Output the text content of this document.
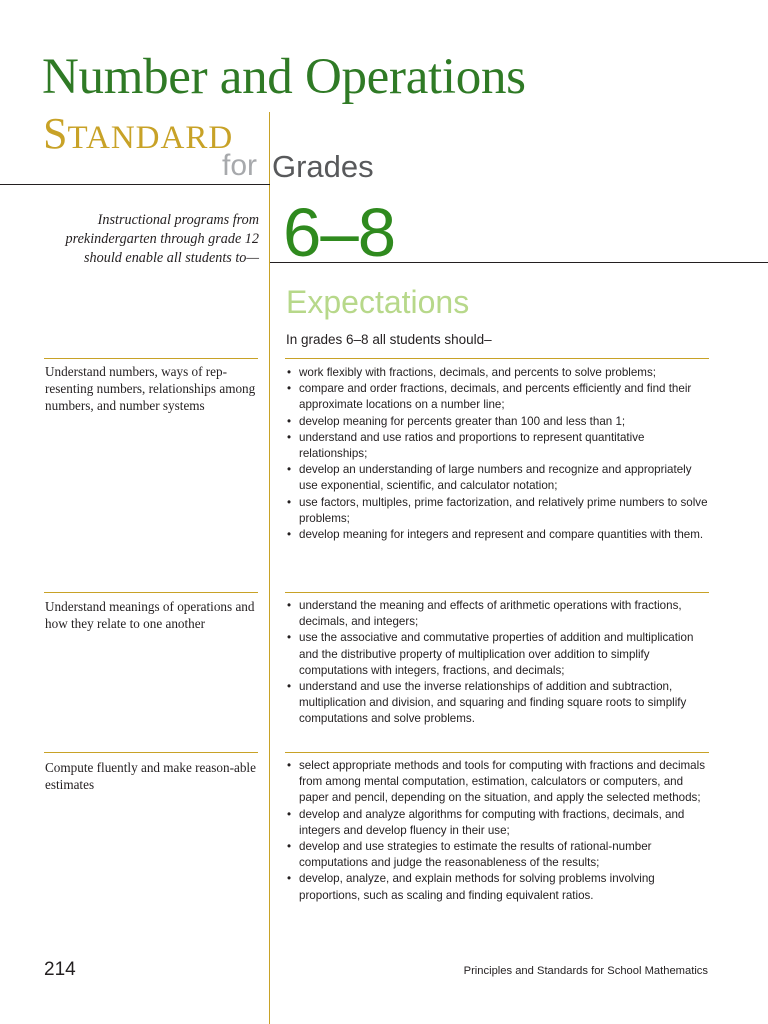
Number and Operations
STANDARD
for Grades
6–8
Instructional programs from prekindergarten through grade 12 should enable all students to—
Expectations
In grades 6–8 all students should–
Understand numbers, ways of rep-resenting numbers, relationships among numbers, and number systems
• work flexibly with fractions, decimals, and percents to solve problems;
• compare and order fractions, decimals, and percents efficiently and find their approximate locations on a number line;
• develop meaning for percents greater than 100 and less than 1;
• understand and use ratios and proportions to represent quantitative relationships;
• develop an understanding of large numbers and recognize and appropriately use exponential, scientific, and calculator notation;
• use factors, multiples, prime factorization, and relatively prime numbers to solve problems;
• develop meaning for integers and represent and compare quantities with them.
Understand meanings of operations and how they relate to one another
• understand the meaning and effects of arithmetic operations with fractions, decimals, and integers;
• use the associative and commutative properties of addition and multiplication and the distributive property of multiplication over addition to simplify computations with integers, fractions, and decimals;
• understand and use the inverse relationships of addition and subtraction, multiplication and division, and squaring and finding square roots to simplify computations and solve problems.
Compute fluently and make reason-able estimates
• select appropriate methods and tools for computing with fractions and decimals from among mental computation, estimation, calculators or computers, and paper and pencil, depending on the situation, and apply the selected methods;
• develop and analyze algorithms for computing with fractions, decimals, and integers and develop fluency in their use;
• develop and use strategies to estimate the results of rational-number computations and judge the reasonableness of the results;
• develop, analyze, and explain methods for solving problems involving proportions, such as scaling and finding equivalent ratios.
214	Principles and Standards for School Mathematics
